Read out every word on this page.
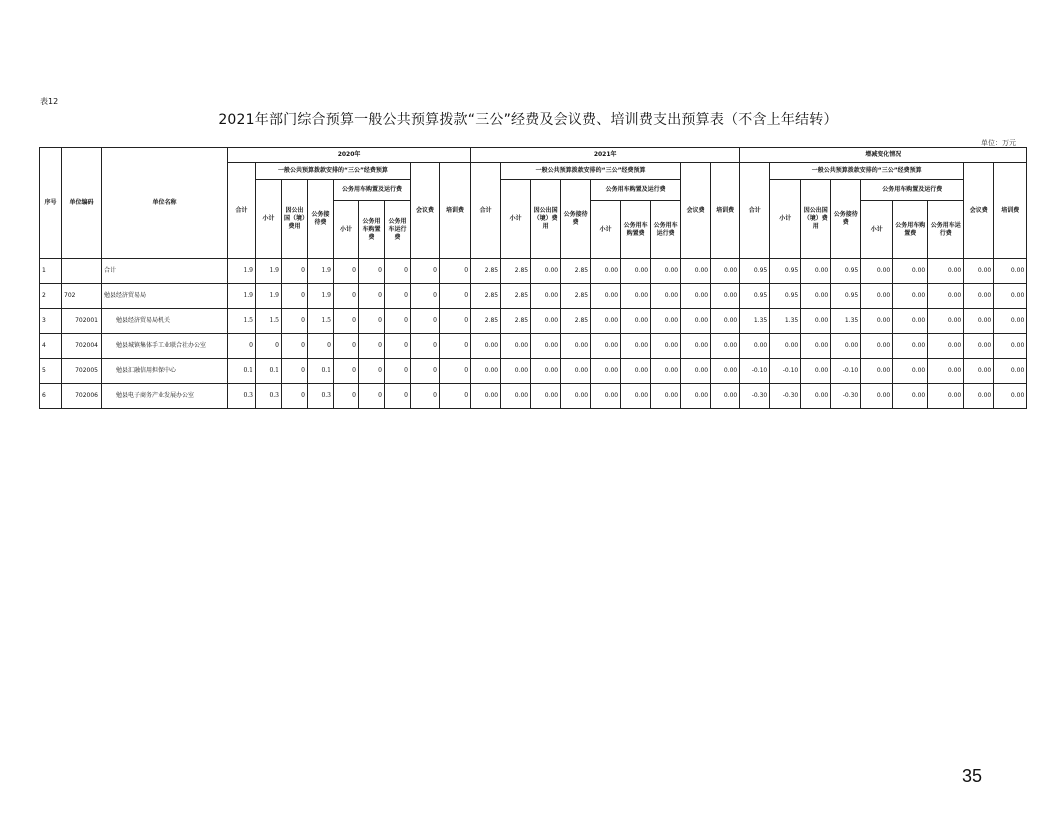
表12
2021年部门综合预算一般公共预算拨款“三公”经费及会议费、培训费支出预算表（不含上年结转）
单位：万元
序号	单位编码	单位名称	2020年									2021年									增减变化情况								
			合计	一般公共预算拨款安排的“三公”经费预算						会议费	培训费	合计	一般公共预算拨款安排的“三公”经费预算						会议费	培训费	合计	一般公共预算拨款安排的“三公”经费预算						会议费	培训费
				小计	因公出国（境）费用	公务接待费	公务用车购置及运行费						小计	因公出国（境）费用	公务接待费	公务用车购置及运行费						小计	因公出国（境）费用	公务接待费	公务用车购置及运行费				
							小计	公务用车购置费	公务用车运行费							小计	公务用车购置费	公务用车运行费							小计	公务用车购置费	公务用车运行费		
1		合计	1.9	1.9	0	1.9	0	0	0	0	0	2.85	2.85	0.00	2.85	0.00	0.00	0.00	0.00	0.00	0.95	0.95	0.00	0.95	0.00	0.00	0.00	0.00	0.00
2	702	勉县经济贸易局	1.9	1.9	0	1.9	0	0	0	0	0	2.85	2.85	0.00	2.85	0.00	0.00	0.00	0.00	0.00	0.95	0.95	0.00	0.95	0.00	0.00	0.00	0.00	0.00
3	702001	勉县经济贸易局机关	1.5	1.5	0	1.5	0	0	0	0	0	2.85	2.85	0.00	2.85	0.00	0.00	0.00	0.00	0.00	1.35	1.35	0.00	1.35	0.00	0.00	0.00	0.00	0.00
4	702004	勉县城镇集体手工业联合社办公室	0	0	0	0	0	0	0	0	0	0.00	0.00	0.00	0.00	0.00	0.00	0.00	0.00	0.00	0.00	0.00	0.00	0.00	0.00	0.00	0.00	0.00	0.00
5	702005	勉县汇融信用担保中心	0.1	0.1	0	0.1	0	0	0	0	0	0.00	0.00	0.00	0.00	0.00	0.00	0.00	0.00	0.00	-0.10	-0.10	0.00	-0.10	0.00	0.00	0.00	0.00	0.00
6	702006	勉县电子商务产业发展办公室	0.3	0.3	0	0.3	0	0	0	0	0	0.00	0.00	0.00	0.00	0.00	0.00	0.00	0.00	0.00	-0.30	-0.30	0.00	-0.30	0.00	0.00	0.00	0.00	0.00
35
